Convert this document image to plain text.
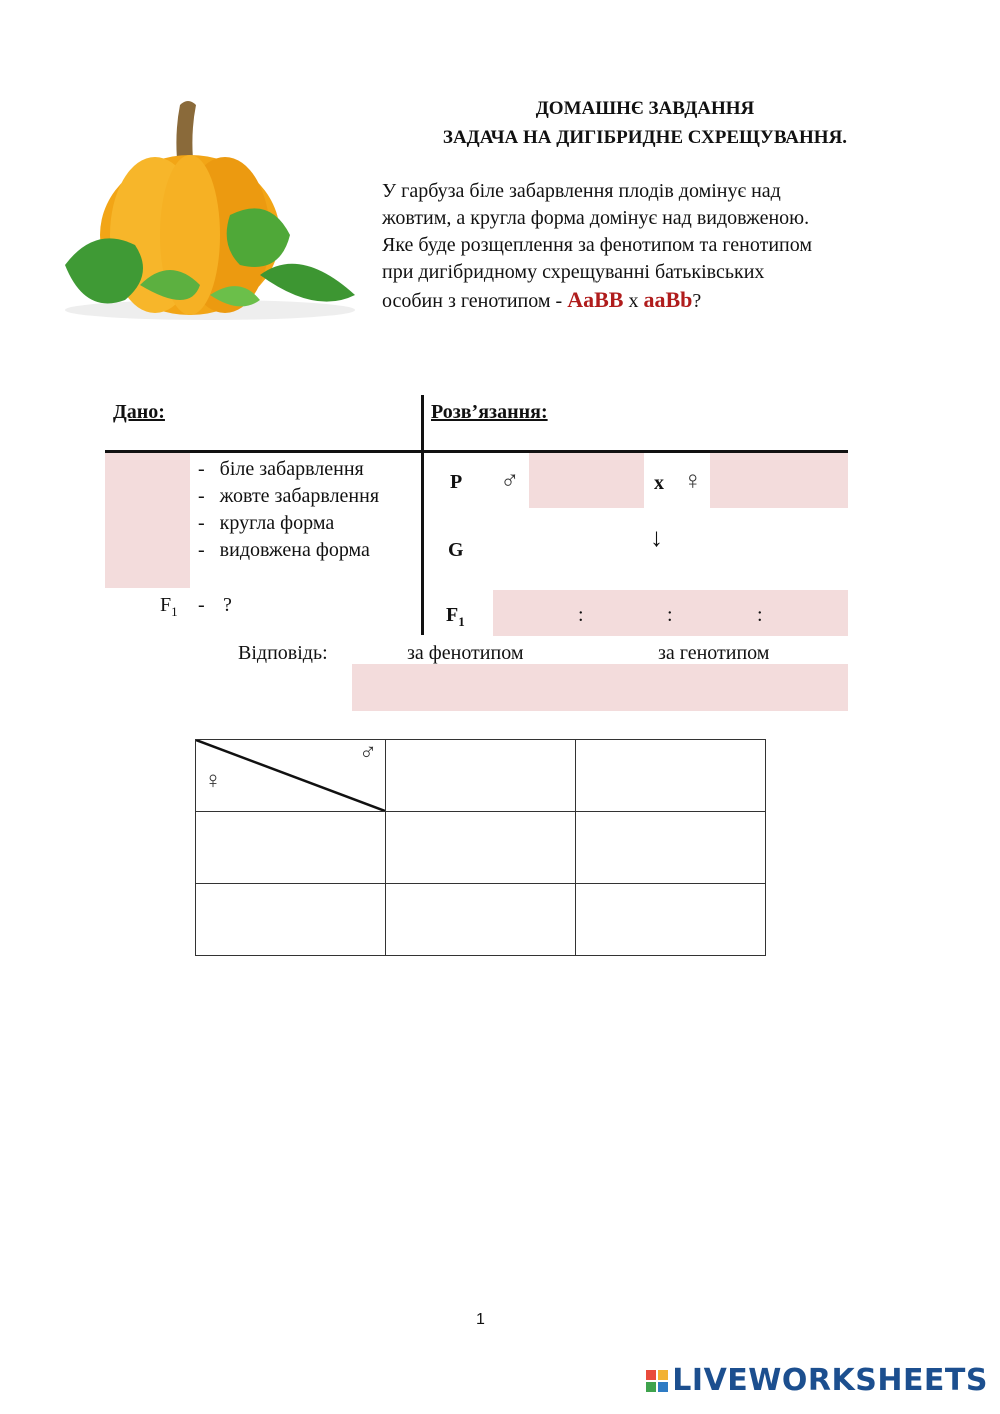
ДОМАШНЄ ЗАВДАННЯ
ЗАДАЧА НА ДИГІБРИДНЕ СХРЕЩУВАННЯ.
У гарбуза біле забарвлення плодів домінує над
жовтим, а кругла форма домінує над видовженою.
Яке буде розщеплення за фенотипом та генотипом
при дигібридному схрещуванні батьківських
особин з генотипом - AaBB x aaBb?
Дано:	Розв’язання:
- біле забарвлення
- жовте забарвлення
- кругла форма
- видовжена форма
$F_1$ - ?
P ♂	x ♀
G	↓
$F_1$	:	:	:
Відповідь:	за фенотипом	за генотипом
♂
♀		

1
LIVEWORKSHEETS
